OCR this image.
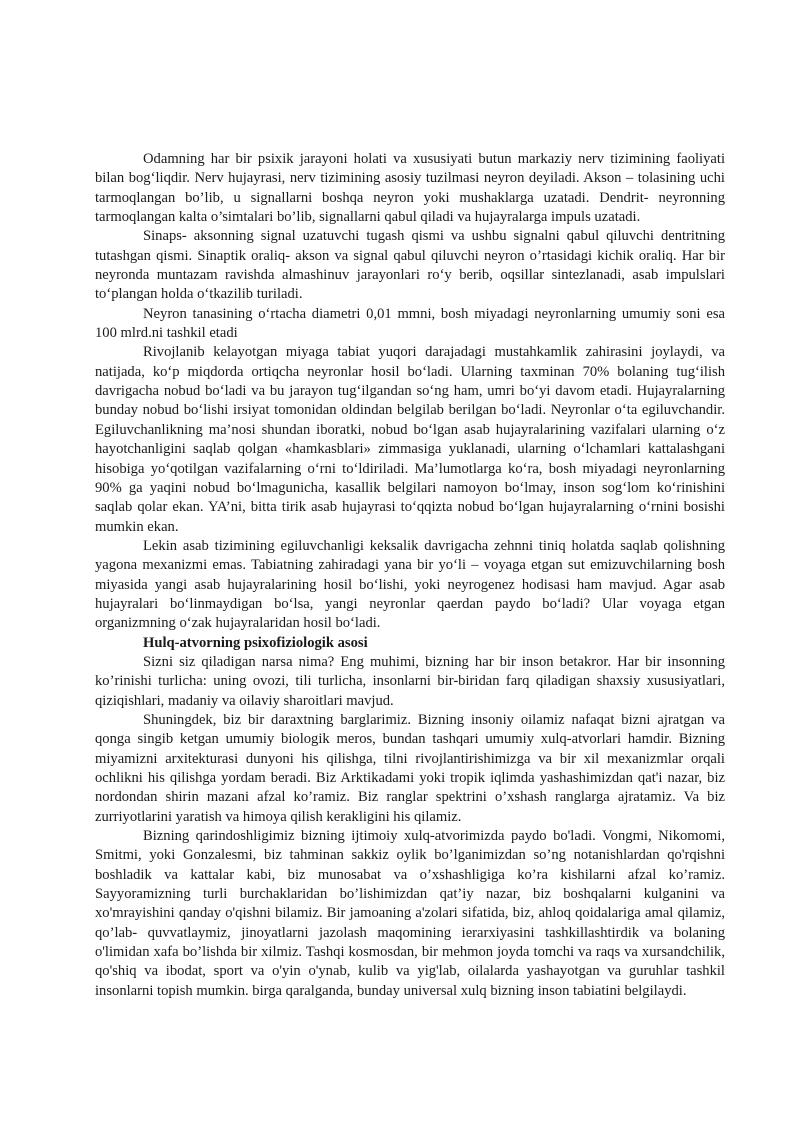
Odamning har bir psixik jarayoni holati va xususiyati butun markaziy nerv tizimining faoliyati bilan bog‘liqdir. Nerv hujayrasi, nerv tizimining asosiy tuzilmasi neyron deyiladi. Akson – tolasining uchi tarmoqlangan bo’lib, u signallarni boshqa neyron yoki mushaklarga uzatadi. Dendrit- neyronning tarmoqlangan kalta o’simtalari bo’lib, signallarni qabul qiladi va hujayralarga impuls uzatadi.

Sinaps- aksonning signal uzatuvchi tugash qismi va ushbu signalni qabul qiluvchi dentritning tutashgan qismi. Sinaptik oraliq- akson va signal qabul qiluvchi neyron o’rtasidagi kichik oraliq. Har bir neyronda muntazam ravishda almashinuv jarayonlari ro‘y berib, oqsillar sintezlanadi, asab impulslari to‘plangan holda o‘tkazilib turiladi.

Neyron tanasining o‘rtacha diametri 0,01 mmni, bosh miyadagi neyronlarning umumiy soni esa 100 mlrd.ni tashkil etadi

Rivojlanib kelayotgan miyaga tabiat yuqori darajadagi mustahkamlik zahirasini joylaydi, va natijada, ko‘p miqdorda ortiqcha neyronlar hosil bo‘ladi. Ularning taxminan 70% bolaning tug‘ilish davrigacha nobud bo‘ladi va bu jarayon tug‘ilgandan so‘ng ham, umri bo‘yi davom etadi. Hujayralarning bunday nobud bo‘lishi irsiyat tomonidan oldindan belgilab berilgan bo‘ladi. Neyronlar o‘ta egiluvchandir. Egiluvchanlikning ma’nosi shundan iboratki, nobud bo‘lgan asab hujayralarining vazifalari ularning o‘z hayotchanligini saqlab qolgan «hamkasblari» zimmasiga yuklanadi, ularning o‘lchamlari kattalashgani hisobiga yo‘qotilgan vazifalarning o‘rni to‘ldiriladi. Ma’lumotlarga ko‘ra, bosh miyadagi neyronlarning 90% ga yaqini nobud bo‘lmagunicha, kasallik belgilari namoyon bo‘lmay, inson sog‘lom ko‘rinishini saqlab qolar ekan. YA’ni, bitta tirik asab hujayrasi to‘qqizta nobud bo‘lgan hujayralarning o‘rnini bosishi mumkin ekan.

Lekin asab tizimining egiluvchanligi keksalik davrigacha zehnni tiniq holatda saqlab qolishning yagona mexanizmi emas. Tabiatning zahiradagi yana bir yo‘li – voyaga etgan sut emizuvchilarning bosh miyasida yangi asab hujayralarining hosil bo‘lishi, yoki neyrogenez hodisasi ham mavjud. Agar asab hujayralari bo‘linmaydigan bo‘lsa, yangi neyronlar qaerdan paydo bo‘ladi? Ular voyaga etgan organizmning o‘zak hujayralaridan hosil bo‘ladi.

Hulq-atvorning psixofiziologik asosi

Sizni siz qiladigan narsa nima? Eng muhimi, bizning har bir inson betakror. Har bir insonning ko’rinishi turlicha: uning ovozi, tili turlicha, insonlarni bir-biridan farq qiladigan shaxsiy xususiyatlari, qiziqishlari, madaniy va oilaviy sharoitlari mavjud.

Shuningdek, biz bir daraxtning barglarimiz. Bizning insoniy oilamiz nafaqat bizni ajratgan va qonga singib ketgan umumiy biologik meros, bundan tashqari umumiy xulq-atvorlari hamdir. Bizning miyamizni arxitekturasi dunyoni his qilishga, tilni rivojlantirishimizga va bir xil mexanizmlar orqali ochlikni his qilishga yordam beradi. Biz Arktikadami yoki tropik iqlimda yashashimizdan qat'i nazar, biz nordondan shirin mazani afzal ko’ramiz. Biz ranglar spektrini o’xshash ranglarga ajratamiz. Va biz zurriyotlarini yaratish va himoya qilish kerakligini his qilamiz.

Bizning qarindoshligimiz bizning ijtimoiy xulq-atvorimizda paydo bo'ladi. Vongmi, Nikomomi, Smitmi, yoki Gonzalesmi, biz tahminan sakkiz oylik bo’lganimizdan so’ng notanishlardan qo'rqishni boshladik va kattalar kabi, biz munosabat va o’xshashligiga ko’ra kishilarni afzal ko’ramiz. Sayyoramizning turli burchaklaridan bo’lishimizdan qat’iy nazar, biz boshqalarni kulganini va xo'mrayishini qanday o'qishni bilamiz. Bir jamoaning a'zolari sifatida, biz, ahloq qoidalariga amal qilamiz, qo’lab- quvvatlaymiz, jinoyatlarni jazolash maqomining ierarxiyasini tashkillashtirdik va bolaning o'limidan xafa bo’lishda bir xilmiz. Tashqi kosmosdan, bir mehmon joyda tomchi va raqs va xursandchilik, qo'shiq va ibodat, sport va o'yin o'ynab, kulib va yig'lab, oilalarda yashayotgan va guruhlar tashkil insonlarni topish mumkin. birga qaralganda, bunday universal xulq bizning inson tabiatini belgilaydi.
